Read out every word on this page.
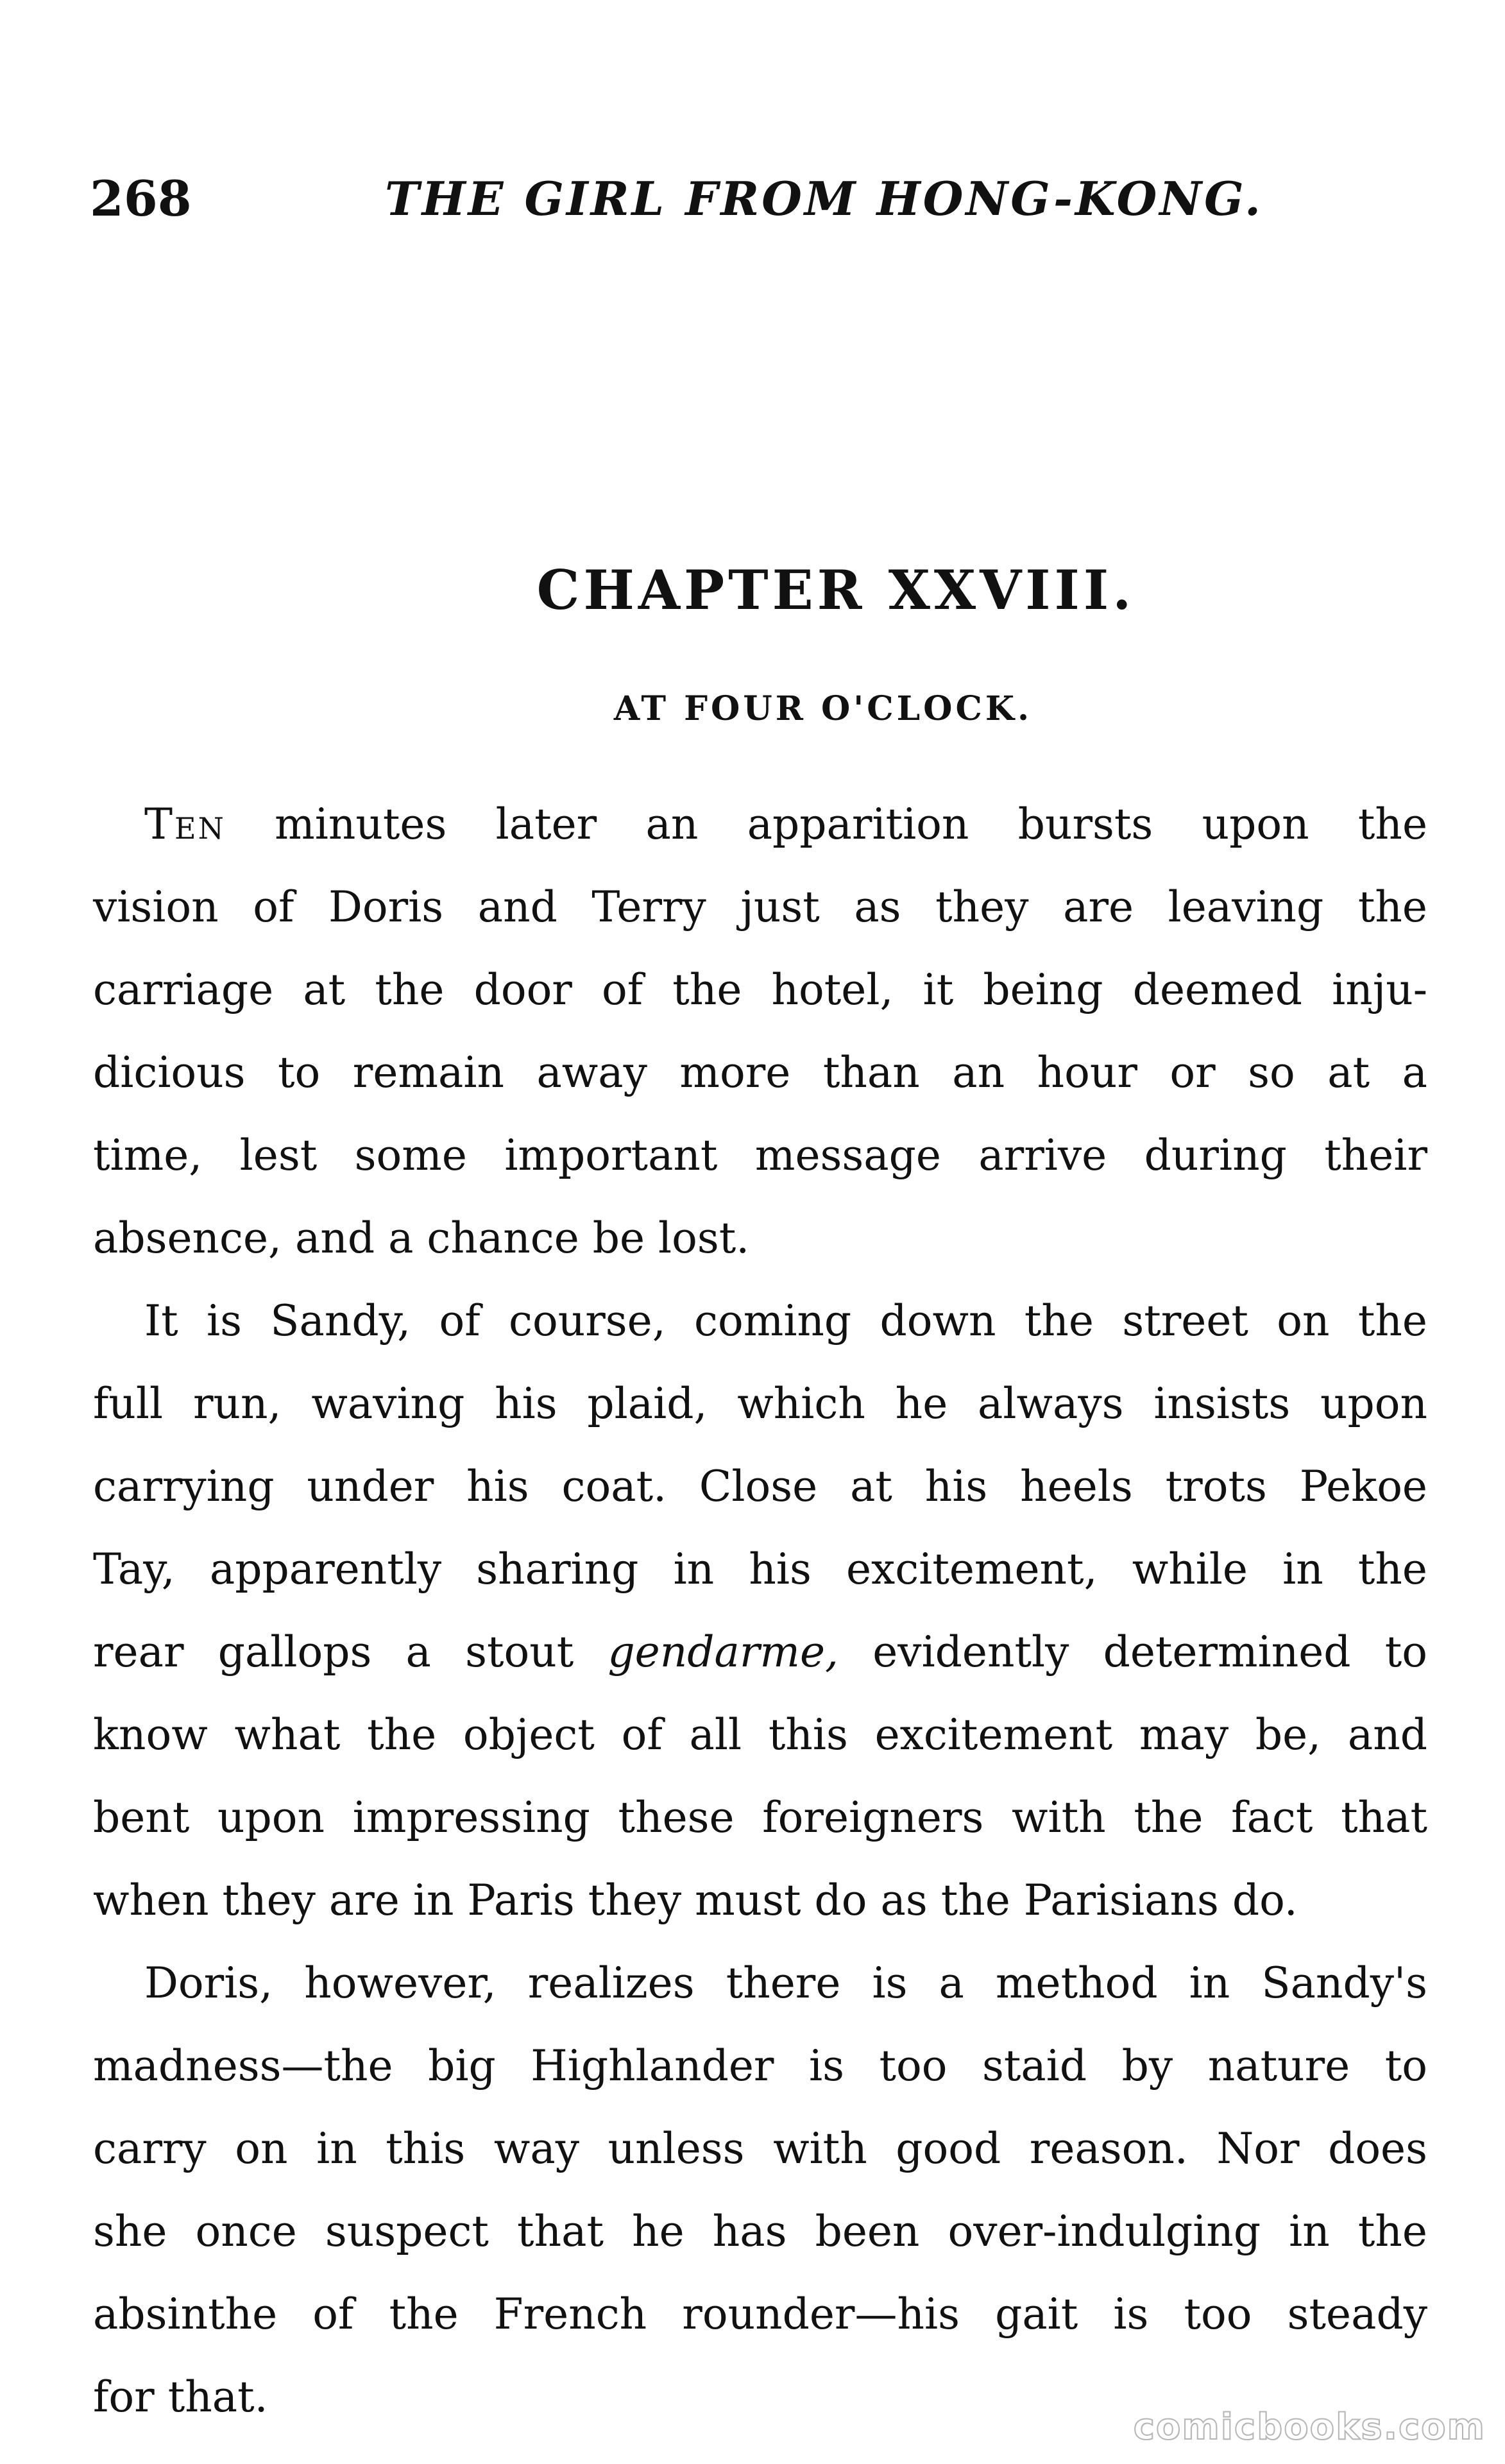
268	THE GIRL FROM HONG-KONG.
CHAPTER XXVIII.
AT FOUR O'CLOCK.
Ten minutes later an apparition bursts upon the
vision of Doris and Terry just as they are leaving the
carriage at the door of the hotel, it being deemed inju-
dicious to remain away more than an hour or so at a
time, lest some important message arrive during their
absence, and a chance be lost.
It is Sandy, of course, coming down the street on the
full run, waving his plaid, which he always insists upon
carrying under his coat. Close at his heels trots Pekoe
Tay, apparently sharing in his excitement, while in the
rear gallops a stout gendarme, evidently determined to
know what the object of all this excitement may be, and
bent upon impressing these foreigners with the fact that
when they are in Paris they must do as the Parisians do.
Doris, however, realizes there is a method in Sandy's
madness—the big Highlander is too staid by nature to
carry on in this way unless with good reason. Nor does
she once suspect that he has been over-indulging in the
absinthe of the French rounder—his gait is too steady
for that.
comicbooks.com
